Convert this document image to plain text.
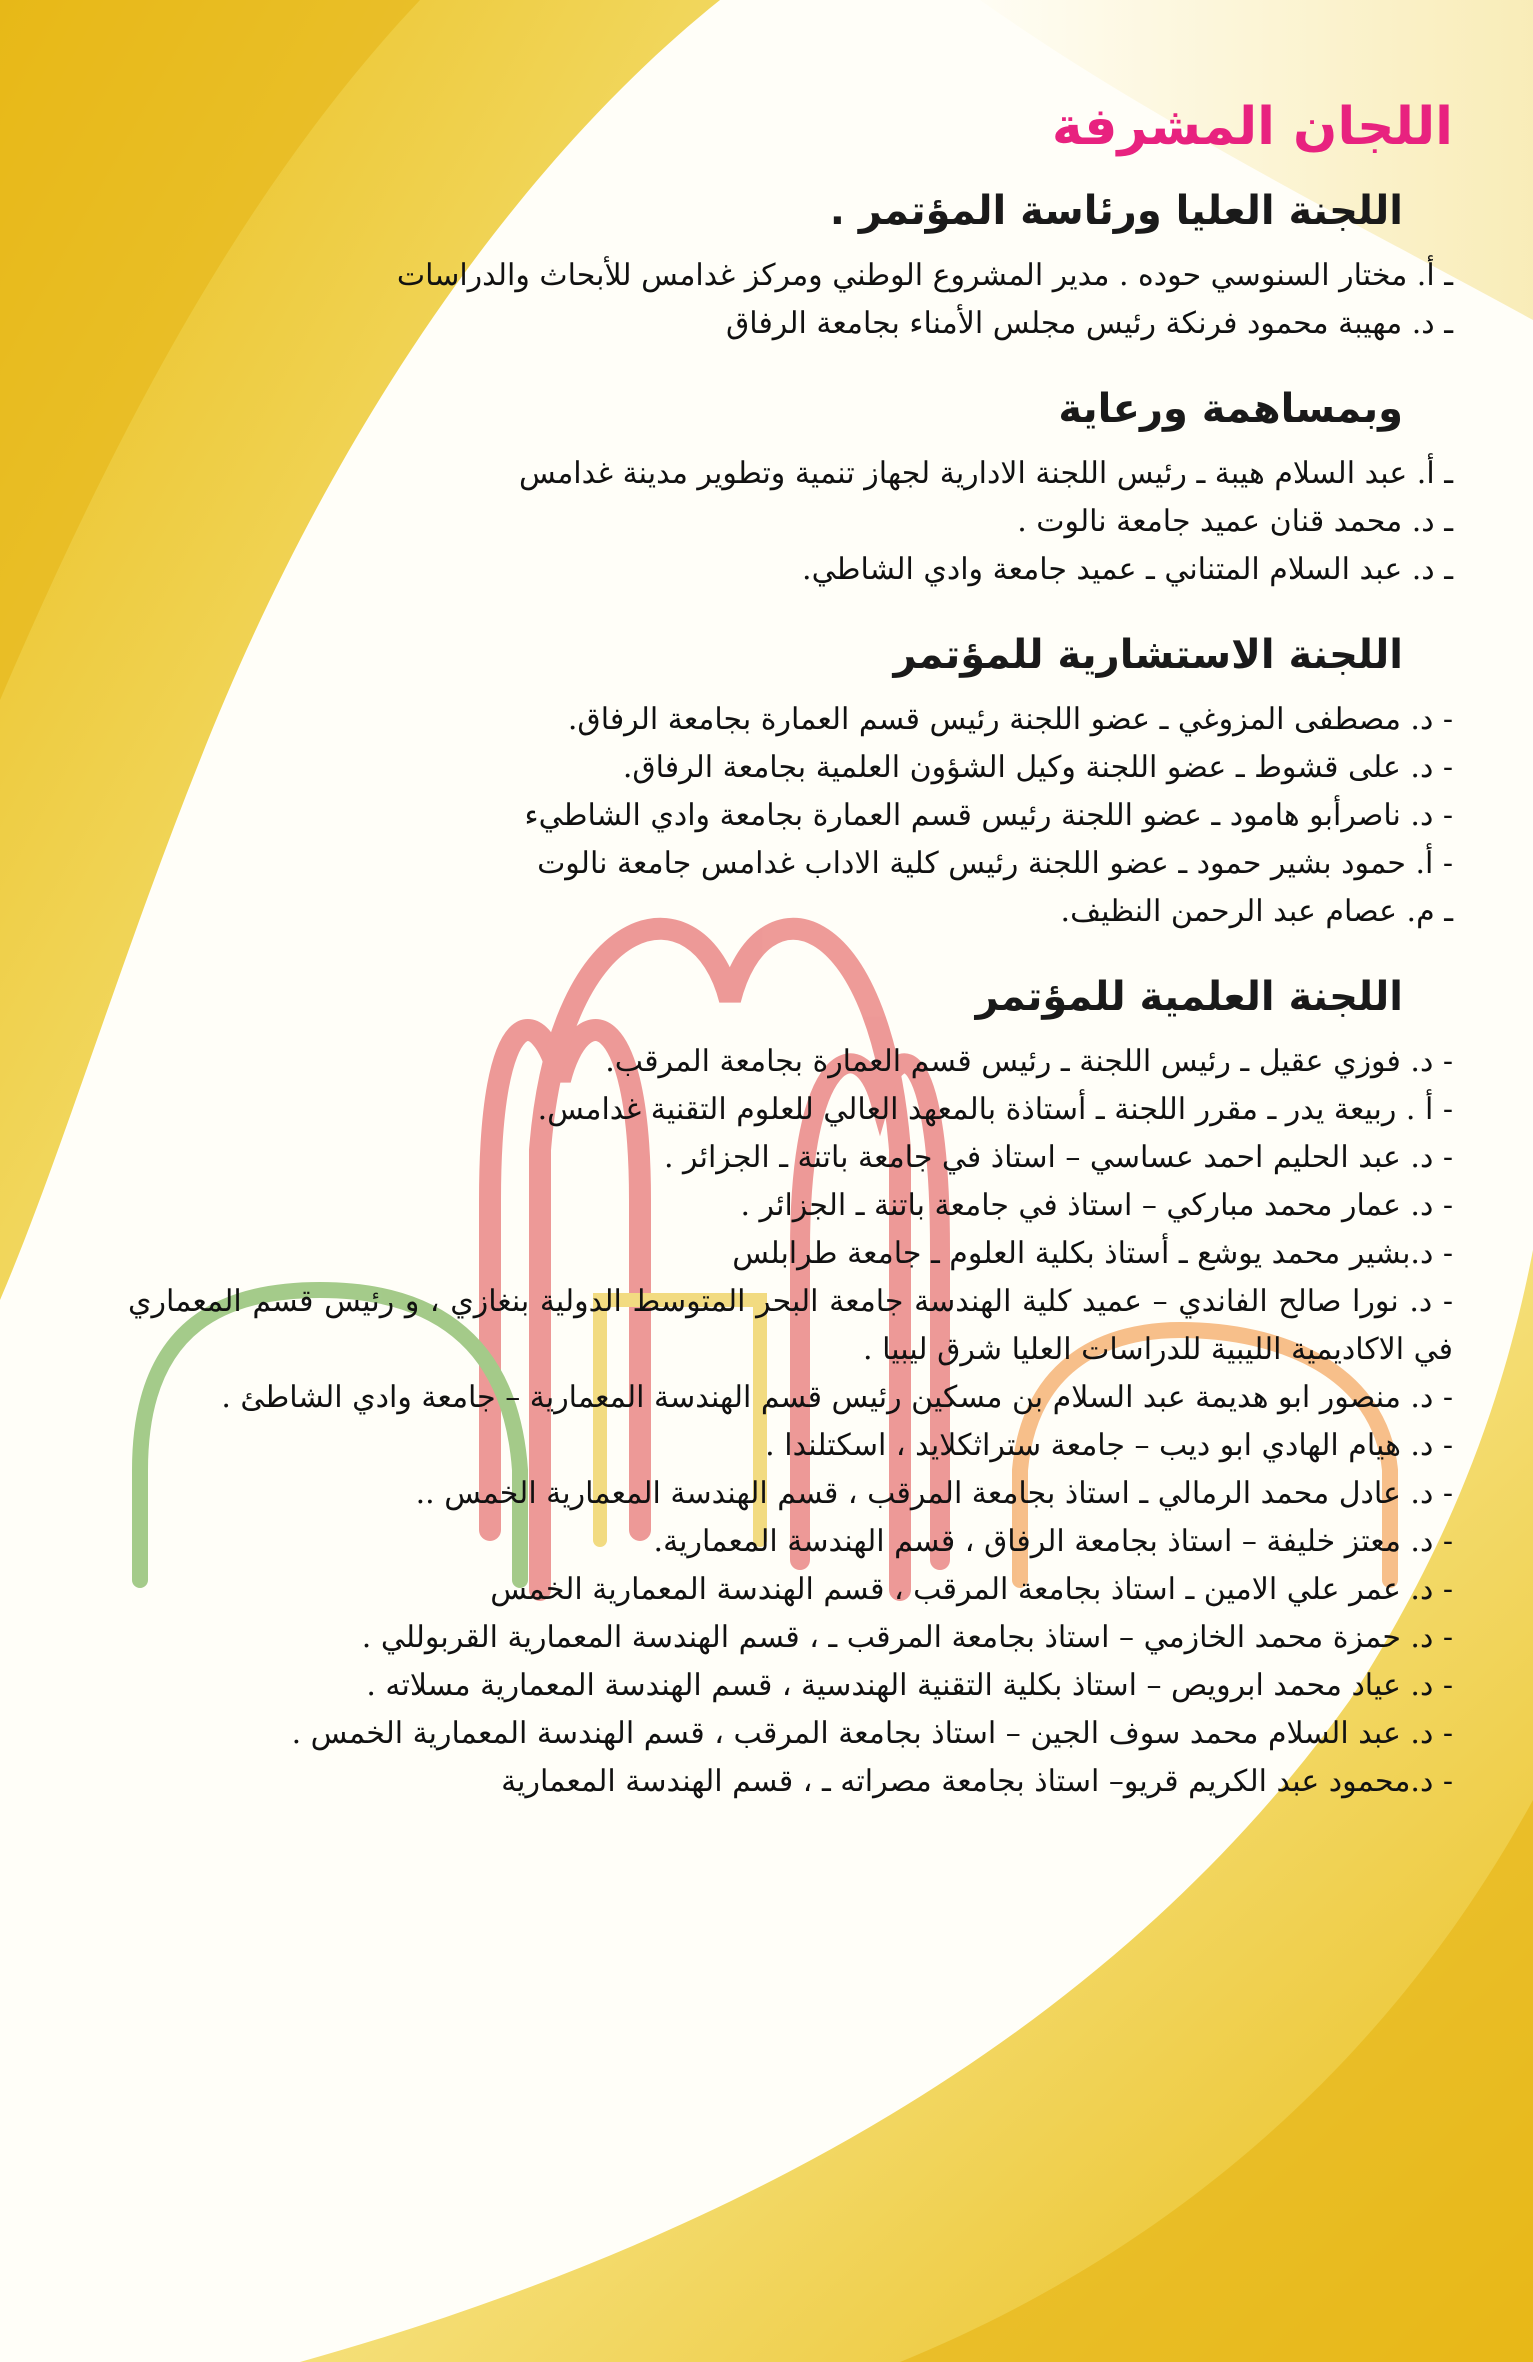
اللجان المشرفة
اللجنة العليا ورئاسة المؤتمر .
ـ أ. مختار السنوسي حوده . مدير المشروع الوطني ومركز غدامس للأبحاث والدراسات
ـ د. مهيبة محمود فرنكة رئيس مجلس الأمناء بجامعة الرفاق
وبمساهمة ورعاية
ـ أ. عبد السلام هيبة ـ رئيس اللجنة الادارية لجهاز تنمية وتطوير مدينة غدامس
ـ د. محمد قنان عميد جامعة نالوت .
ـ د. عبد السلام المتناني ـ عميد جامعة وادي الشاطي.
اللجنة الاستشارية للمؤتمر
- د. مصطفى المزوغي ـ عضو اللجنة رئيس قسم العمارة بجامعة الرفاق.
- د. على قشوط ـ عضو اللجنة وكيل الشؤون العلمية بجامعة الرفاق.
- د. ناصرأبو هامود ـ عضو اللجنة رئيس قسم العمارة بجامعة وادي الشاطيء
- أ. حمود بشير حمود ـ عضو اللجنة رئيس كلية الاداب غدامس جامعة نالوت
ـ م. عصام عبد الرحمن النظيف.
اللجنة العلمية للمؤتمر
- د. فوزي عقيل ـ رئيس اللجنة ـ رئيس قسم العمارة بجامعة المرقب.
- أ . ربيعة يدر ـ مقرر اللجنة ـ أستاذة بالمعهد العالي للعلوم التقنية غدامس.
- د. عبد الحليم احمد عساسي – استاذ في جامعة باتنة ـ الجزائر .
- د. عمار محمد مباركي – استاذ في جامعة باتنة ـ الجزائر .
- د.بشير محمد يوشع ـ أستاذ بكلية العلوم ـ جامعة طرابلس
- د. نورا صالح الفاندي – عميد كلية الهندسة جامعة البحر المتوسط الدولية بنغازي ، و رئيس قسم المعماري في الاكاديمية الليبية للدراسات العليا شرق ليبيا .
- د. منصور ابو هديمة عبد السلام بن مسكين رئيس قسم الهندسة المعمارية – جامعة وادي الشاطئ .
- د. هيام الهادي ابو ديب – جامعة ستراثكلايد ، اسكتلندا .
- د. عادل محمد الرمالي ـ استاذ بجامعة المرقب ، قسم الهندسة المعمارية الخمس ..
- د. معتز خليفة – استاذ بجامعة الرفاق ، قسم الهندسة المعمارية.
- د. عمر علي الامين ـ استاذ بجامعة المرقب ، قسم الهندسة المعمارية الخمس
- د. حمزة محمد الخازمي – استاذ بجامعة المرقب ـ ، قسم الهندسة المعمارية القربوللي .
- د. عياد محمد ابرويص – استاذ بكلية التقنية الهندسية ، قسم الهندسة المعمارية مسلاته .
- د. عبد السلام محمد سوف الجين – استاذ بجامعة المرقب ، قسم الهندسة المعمارية الخمس .
- د.محمود عبد الكريم قريو– استاذ بجامعة مصراته ـ ، قسم الهندسة المعمارية
